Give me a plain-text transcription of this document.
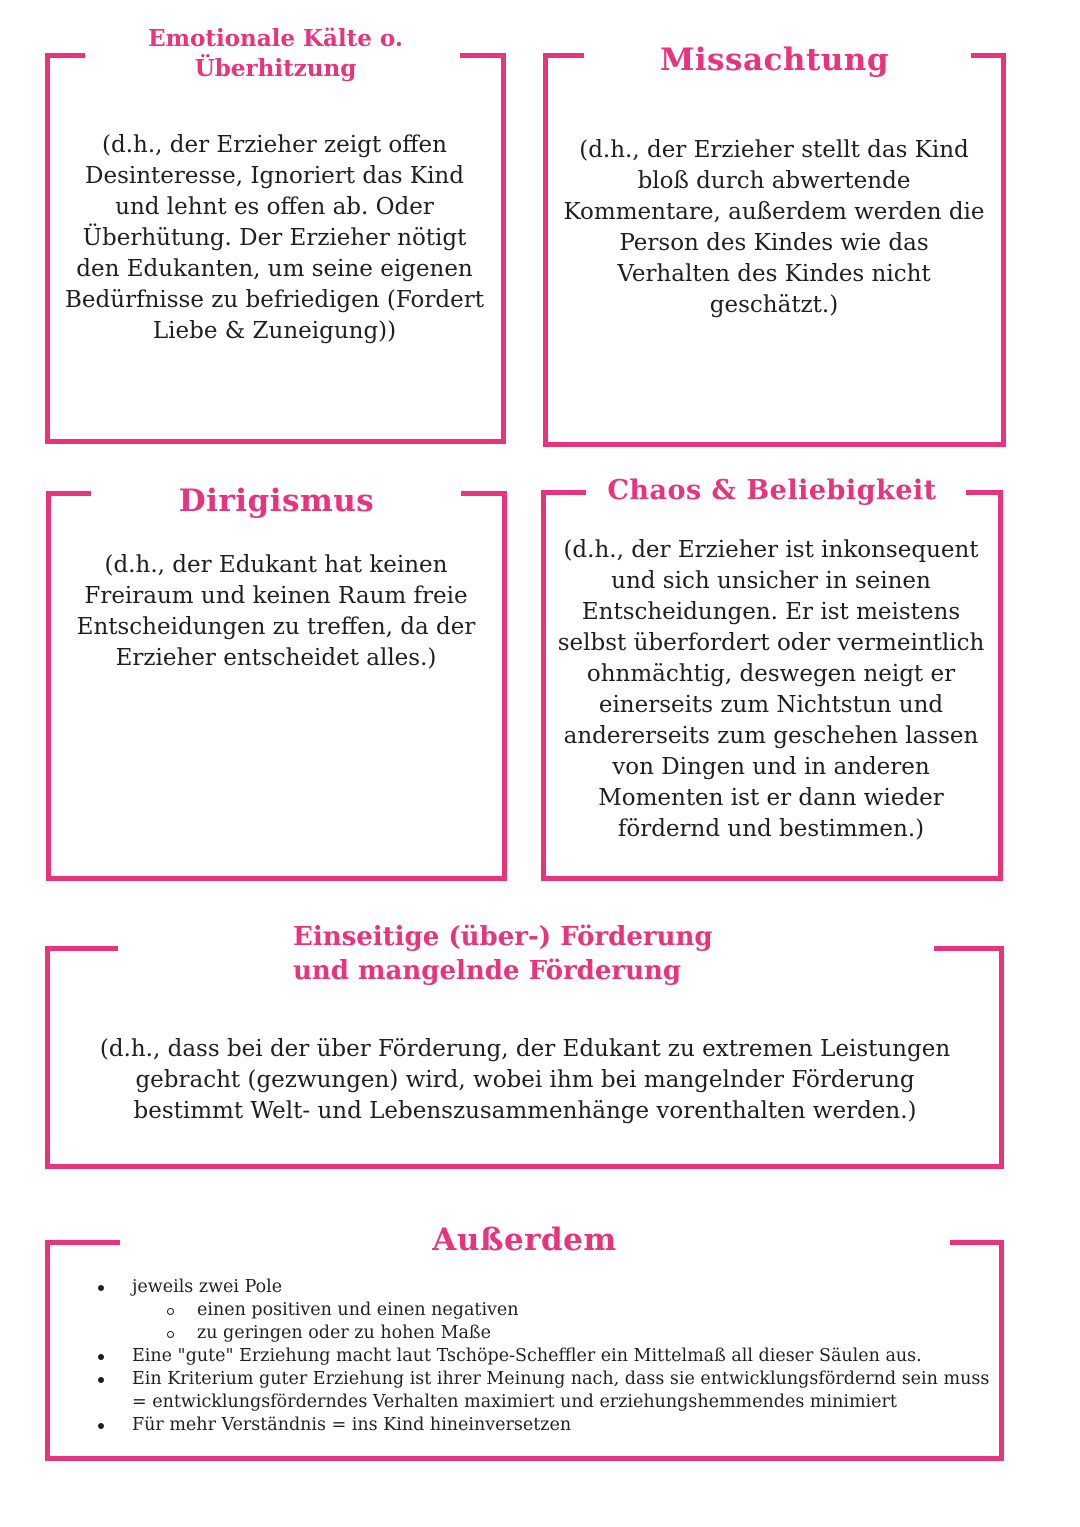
Emotionale Kälte o.
Überhitzung
(d.h., der Erzieher zeigt offen Desinteresse, Ignoriert das Kind und lehnt es offen ab. Oder Überhütung. Der Erzieher nötigt den Edukanten, um seine eigenen Bedürfnisse zu befriedigen (Fordert Liebe & Zuneigung))
Missachtung
(d.h., der Erzieher stellt das Kind bloß durch abwertende Kommentare, außerdem werden die Person des Kindes wie das Verhalten des Kindes nicht geschätzt.)
Dirigismus
(d.h., der Edukant hat keinen Freiraum und keinen Raum freie Entscheidungen zu treffen, da der Erzieher entscheidet alles.)
Chaos & Beliebigkeit
(d.h., der Erzieher ist inkonsequent und sich unsicher in seinen Entscheidungen. Er ist meistens selbst überfordert oder vermeintlich ohnmächtig, deswegen neigt er einerseits zum Nichtstun und andererseits zum geschehen lassen von Dingen und in anderen Momenten ist er dann wieder fördernd und bestimmen.)
Einseitige (über-) Förderung
und mangelnde Förderung
(d.h., dass bei der über Förderung, der Edukant zu extremen Leistungen gebracht (gezwungen) wird, wobei ihm bei mangelnder Förderung bestimmt Welt- und Lebenszusammenhänge vorenthalten werden.)
Außerdem
jeweils zwei Pole
einen positiven und einen negativen
zu geringen oder zu hohen Maße
Eine "gute" Erziehung macht laut Tschöpe-Scheffler ein Mittelmaß all dieser Säulen aus.
Ein Kriterium guter Erziehung ist ihrer Meinung nach, dass sie entwicklungsfördernd sein muss
= entwicklungsförderndes Verhalten maximiert und erziehungshemmendes minimiert
Für mehr Verständnis = ins Kind hineinversetzen
